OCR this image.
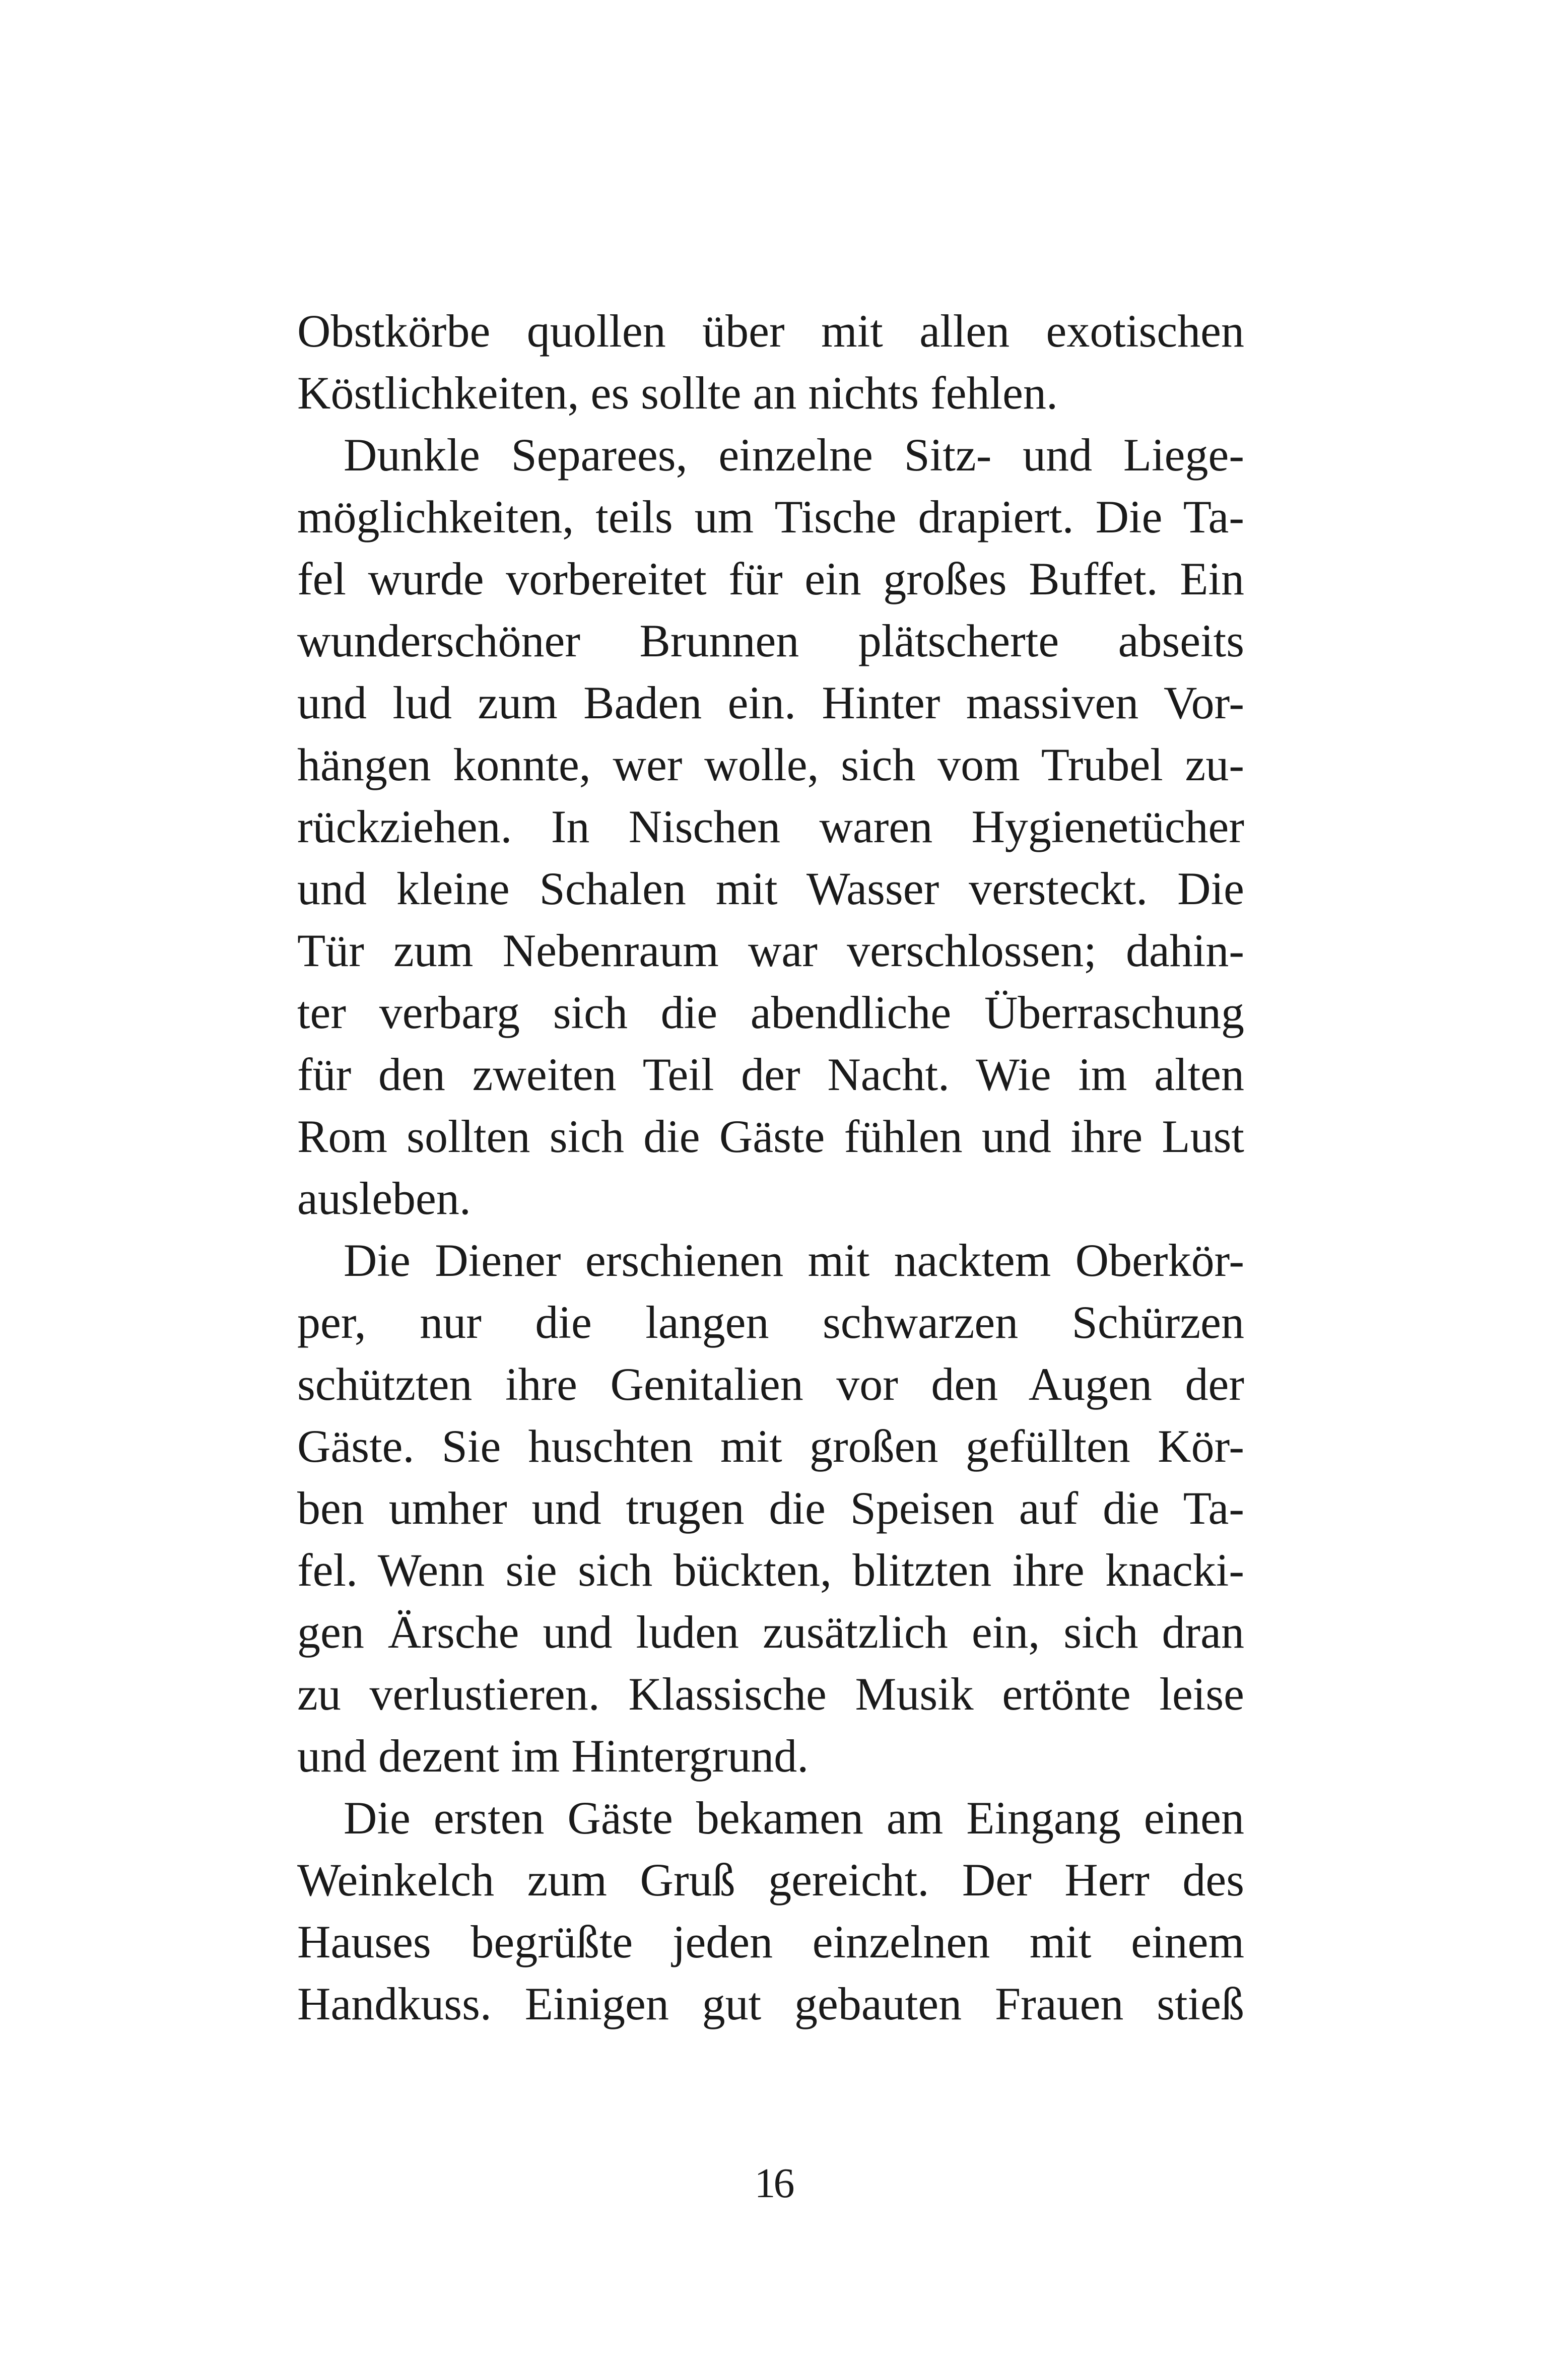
Obstkörbe quollen über mit allen exotischen
Köstlichkeiten, es sollte an nichts fehlen.
Dunkle Separees, einzelne Sitz- und Liege-
möglichkeiten, teils um Tische drapiert. Die Ta-
fel wurde vorbereitet für ein großes Buffet. Ein
wunderschöner Brunnen plätscherte abseits
und lud zum Baden ein. Hinter massiven Vor-
hängen konnte, wer wolle, sich vom Trubel zu-
rückziehen. In Nischen waren Hygienetücher
und kleine Schalen mit Wasser versteckt. Die
Tür zum Nebenraum war verschlossen; dahin-
ter verbarg sich die abendliche Überraschung
für den zweiten Teil der Nacht. Wie im alten
Rom sollten sich die Gäste fühlen und ihre Lust
ausleben.
Die Diener erschienen mit nacktem Oberkör-
per, nur die langen schwarzen Schürzen
schützten ihre Genitalien vor den Augen der
Gäste. Sie huschten mit großen gefüllten Kör-
ben umher und trugen die Speisen auf die Ta-
fel. Wenn sie sich bückten, blitzten ihre knacki-
gen Ärsche und luden zusätzlich ein, sich dran
zu verlustieren. Klassische Musik ertönte leise
und dezent im Hintergrund.
Die ersten Gäste bekamen am Eingang einen
Weinkelch zum Gruß gereicht. Der Herr des
Hauses begrüßte jeden einzelnen mit einem
Handkuss. Einigen gut gebauten Frauen stieß
16
